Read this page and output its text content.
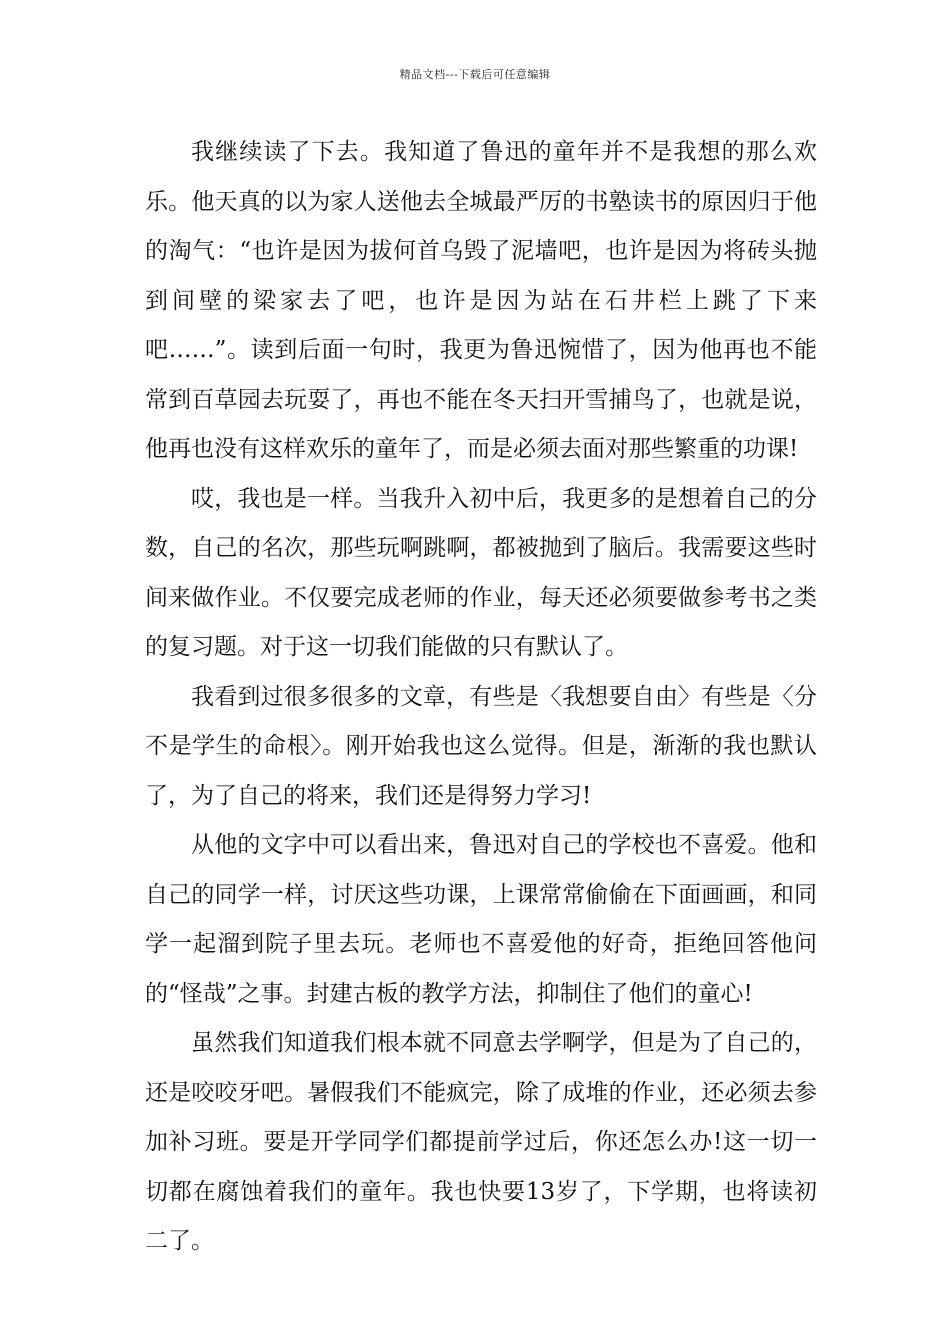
精品文档---下载后可任意编辑

我继续读了下去。我知道了鲁迅的童年并不是我想的那么欢乐。他天真的以为家人送他去全城最严厉的书塾读书的原因归于他的淘气：“也许是因为拔何首乌毁了泥墙吧，也许是因为将砖头抛到间壁的梁家去了吧，也许是因为站在石井栏上跳了下来吧……”。读到后面一句时，我更为鲁迅惋惜了，因为他再也不能常到百草园去玩耍了，再也不能在冬天扫开雪捕鸟了，也就是说，他再也没有这样欢乐的童年了，而是必须去面对那些繁重的功课!

哎，我也是一样。当我升入初中后，我更多的是想着自己的分数，自己的名次，那些玩啊跳啊，都被抛到了脑后。我需要这些时间来做作业。不仅要完成老师的作业，每天还必须要做参考书之类的复习题。对于这一切我们能做的只有默认了。

我看到过很多很多的文章，有些是〈我想要自由〉有些是〈分不是学生的命根〉。刚开始我也这么觉得。但是，渐渐的我也默认了，为了自己的将来，我们还是得努力学习!

从他的文字中可以看出来，鲁迅对自己的学校也不喜爱。他和自己的同学一样，讨厌这些功课，上课常常偷偷在下面画画，和同学一起溜到院子里去玩。老师也不喜爱他的好奇，拒绝回答他问的“怪哉”之事。封建古板的教学方法，抑制住了他们的童心!

虽然我们知道我们根本就不同意去学啊学，但是为了自己的，还是咬咬牙吧。暑假我们不能疯完，除了成堆的作业，还必须去参加补习班。要是开学同学们都提前学过后，你还怎么办!这一切一切都在腐蚀着我们的童年。我也快要13岁了，下学期，也将读初二了。
